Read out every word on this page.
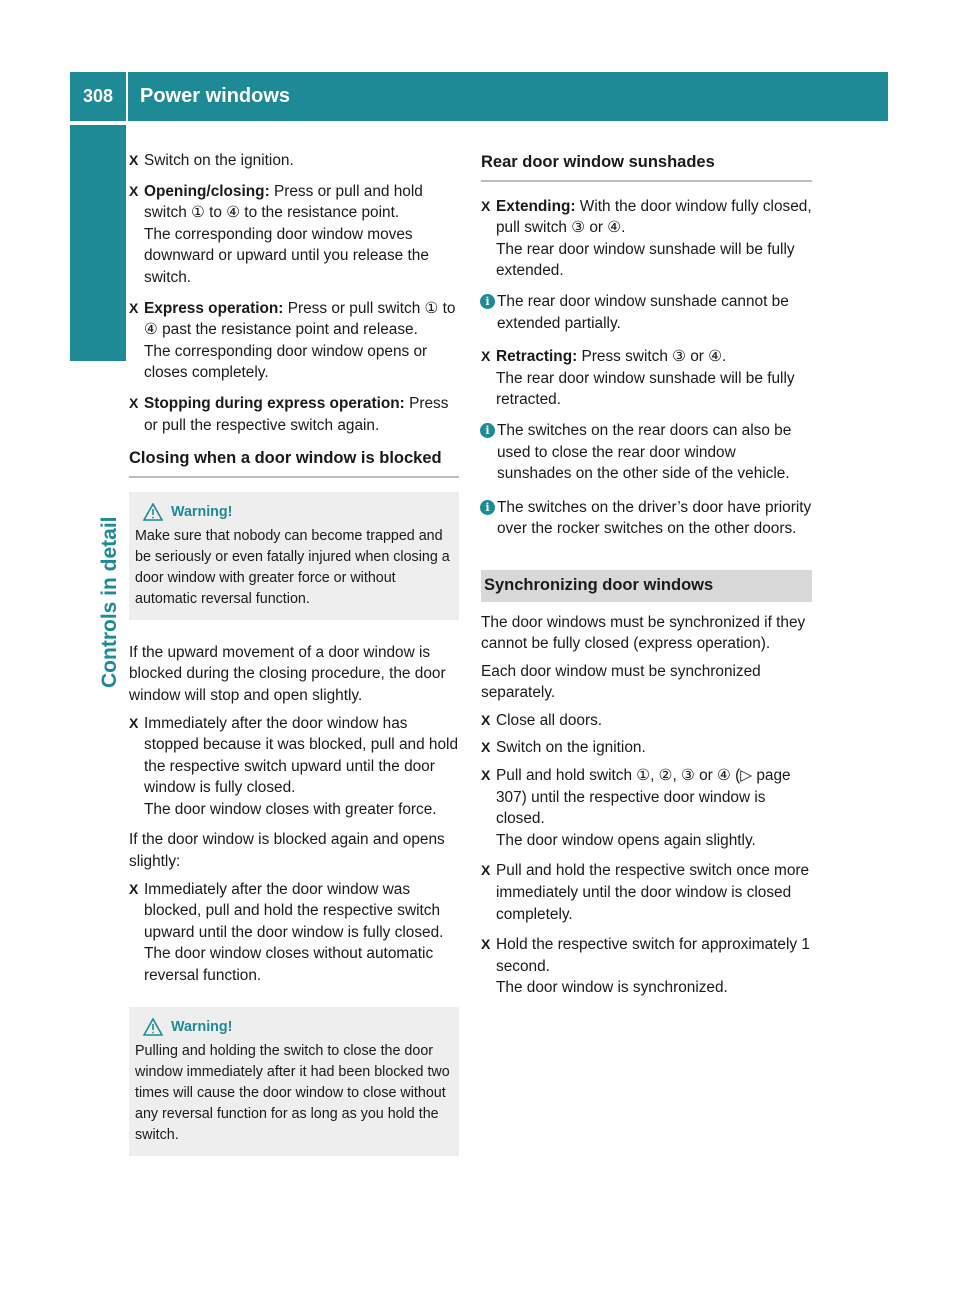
308	Power windows
Controls in detail
X Switch on the ignition.
X Opening/closing: Press or pull and hold switch ① to ④ to the resistance point.
The corresponding door window moves downward or upward until you release the switch.
X Express operation: Press or pull switch ① to ④ past the resistance point and release.
The corresponding door window opens or closes completely.
X Stopping during express operation: Press or pull the respective switch again.
Closing when a door window is blocked
Warning!
Make sure that nobody can become trapped and be seriously or even fatally injured when closing a door window with greater force or without automatic reversal function.

If the upward movement of a door window is blocked during the closing procedure, the door window will stop and open slightly.

X Immediately after the door window has stopped because it was blocked, pull and hold the respective switch upward until the door window is fully closed.
The door window closes with greater force.

If the door window is blocked again and opens slightly:

X Immediately after the door window was blocked, pull and hold the respective switch upward until the door window is fully closed.
The door window closes without automatic reversal function.
Warning!
Pulling and holding the switch to close the door window immediately after it had been blocked two times will cause the door window to close without any reversal function for as long as you hold the switch.
Rear door window sunshades
X Extending: With the door window fully closed, pull switch ③ or ④.
The rear door window sunshade will be fully extended.
i The rear door window sunshade cannot be extended partially.
X Retracting: Press switch ③ or ④.
The rear door window sunshade will be fully retracted.
i The switches on the rear doors can also be used to close the rear door window sunshades on the other side of the vehicle.
i The switches on the driver’s door have priority over the rocker switches on the other doors.
Synchronizing door windows

The door windows must be synchronized if they cannot be fully closed (express operation).

Each door window must be synchronized separately.

X Close all doors.
X Switch on the ignition.
X Pull and hold switch ①, ②, ③ or ④ (▷ page 307) until the respective door window is closed.
The door window opens again slightly.
X Pull and hold the respective switch once more immediately until the door window is closed completely.
X Hold the respective switch for approximately 1 second.
The door window is synchronized.
